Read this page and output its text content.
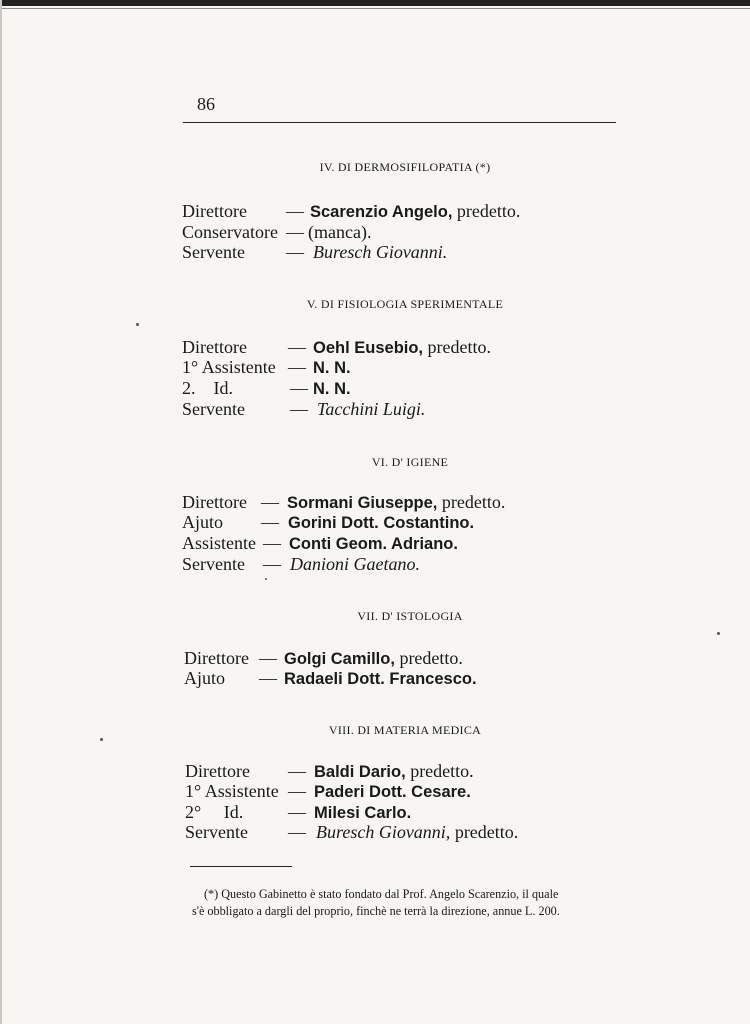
86
IV. DI DERMOSIFILOPATIA (*)
Direttore — Scarenzio Angelo, predetto.
Conservatore — (manca).
Servente — Buresch Giovanni.
V. DI FISIOLOGIA SPERIMENTALE
Direttore — Oehl Eusebio, predetto.
1° Assistente — N. N.
2.    Id.	— N. N.
Servente	— Tacchini Luigi.
VI. D' IGIENE
Direttore — Sormani Giuseppe, predetto.
Ajuto — Gorini Dott. Costantino.
Assistente — Conti Geom. Adriano.
Servente — Danioni Gaetano.
VII. D' ISTOLOGIA
Direttore — Golgi Camillo, predetto.
Ajuto — Radaeli Dott. Francesco.
VIII. DI MATERIA MEDICA
Direttore — Baldi Dario, predetto.
1° Assistente — Paderi Dott. Cesare.
2°     Id. — Milesi Carlo.
Servente — Buresch Giovanni, predetto.
(*) Questo Gabinetto è stato fondato dal Prof. Angelo Scarenzio, il quale
s'è obbligato a dargli del proprio, finchè ne terrà la direzione, annue L. 200.
